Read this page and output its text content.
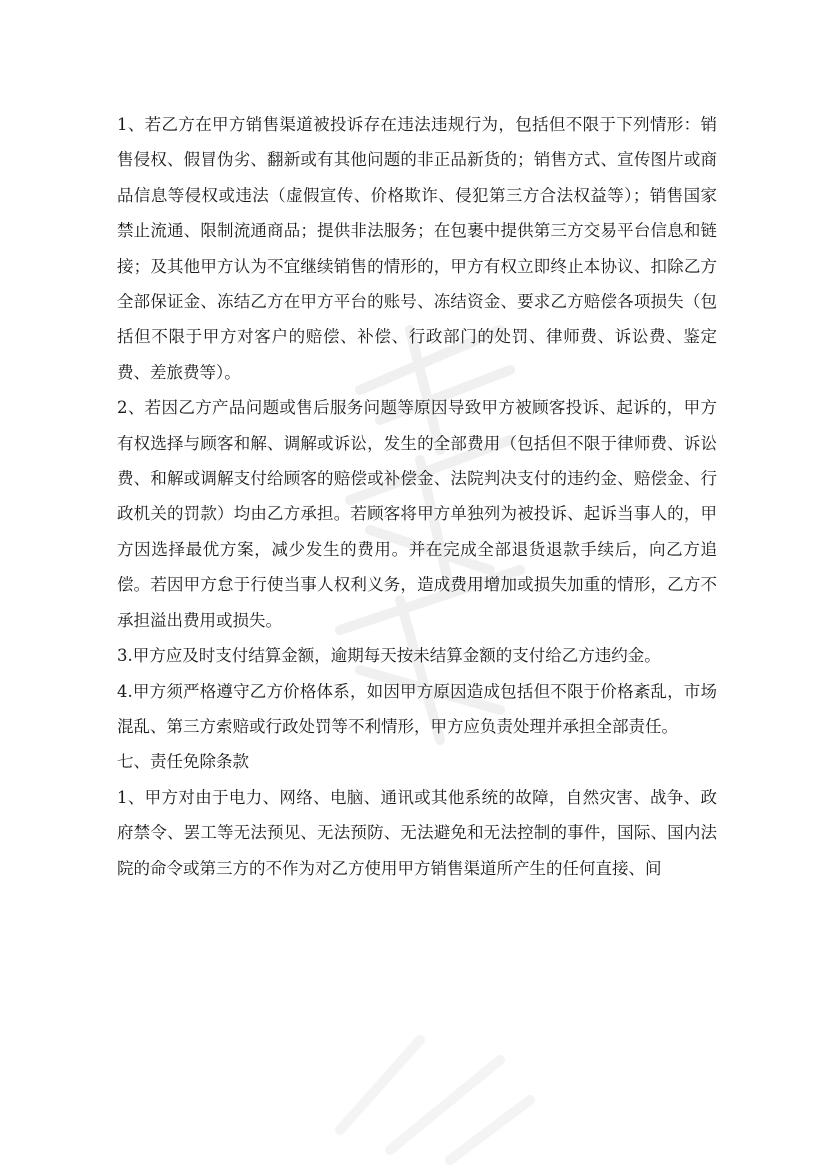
1、若乙方在甲方销售渠道被投诉存在违法违规行为，包括但不限于下列情形：销售侵权、假冒伪劣、翻新或有其他问题的非正品新货的；销售方式、宣传图片或商品信息等侵权或违法（虚假宣传、价格欺诈、侵犯第三方合法权益等）；销售国家禁止流通、限制流通商品；提供非法服务；在包裹中提供第三方交易平台信息和链接；及其他甲方认为不宜继续销售的情形的，甲方有权立即终止本协议、扣除乙方全部保证金、冻结乙方在甲方平台的账号、冻结资金、要求乙方赔偿各项损失（包括但不限于甲方对客户的赔偿、补偿、行政部门的处罚、律师费、诉讼费、鉴定费、差旅费等）。

2、若因乙方产品问题或售后服务问题等原因导致甲方被顾客投诉、起诉的，甲方有权选择与顾客和解、调解或诉讼，发生的全部费用（包括但不限于律师费、诉讼费、和解或调解支付给顾客的赔偿或补偿金、法院判决支付的违约金、赔偿金、行政机关的罚款）均由乙方承担。若顾客将甲方单独列为被投诉、起诉当事人的，甲方因选择最优方案，减少发生的费用。并在完成全部退货退款手续后，向乙方追偿。若因甲方怠于行使当事人权利义务，造成费用增加或损失加重的情形，乙方不承担溢出费用或损失。

3.甲方应及时支付结算金额，逾期每天按未结算金额的支付给乙方违约金。

4.甲方须严格遵守乙方价格体系，如因甲方原因造成包括但不限于价格紊乱，市场混乱、第三方索赔或行政处罚等不利情形，甲方应负责处理并承担全部责任。

七、责任免除条款

1、甲方对由于电力、网络、电脑、通讯或其他系统的故障，自然灾害、战争、政府禁令、罢工等无法预见、无法预防、无法避免和无法控制的事件，国际、国内法院的命令或第三方的不作为对乙方使用甲方销售渠道所产生的任何直接、间
